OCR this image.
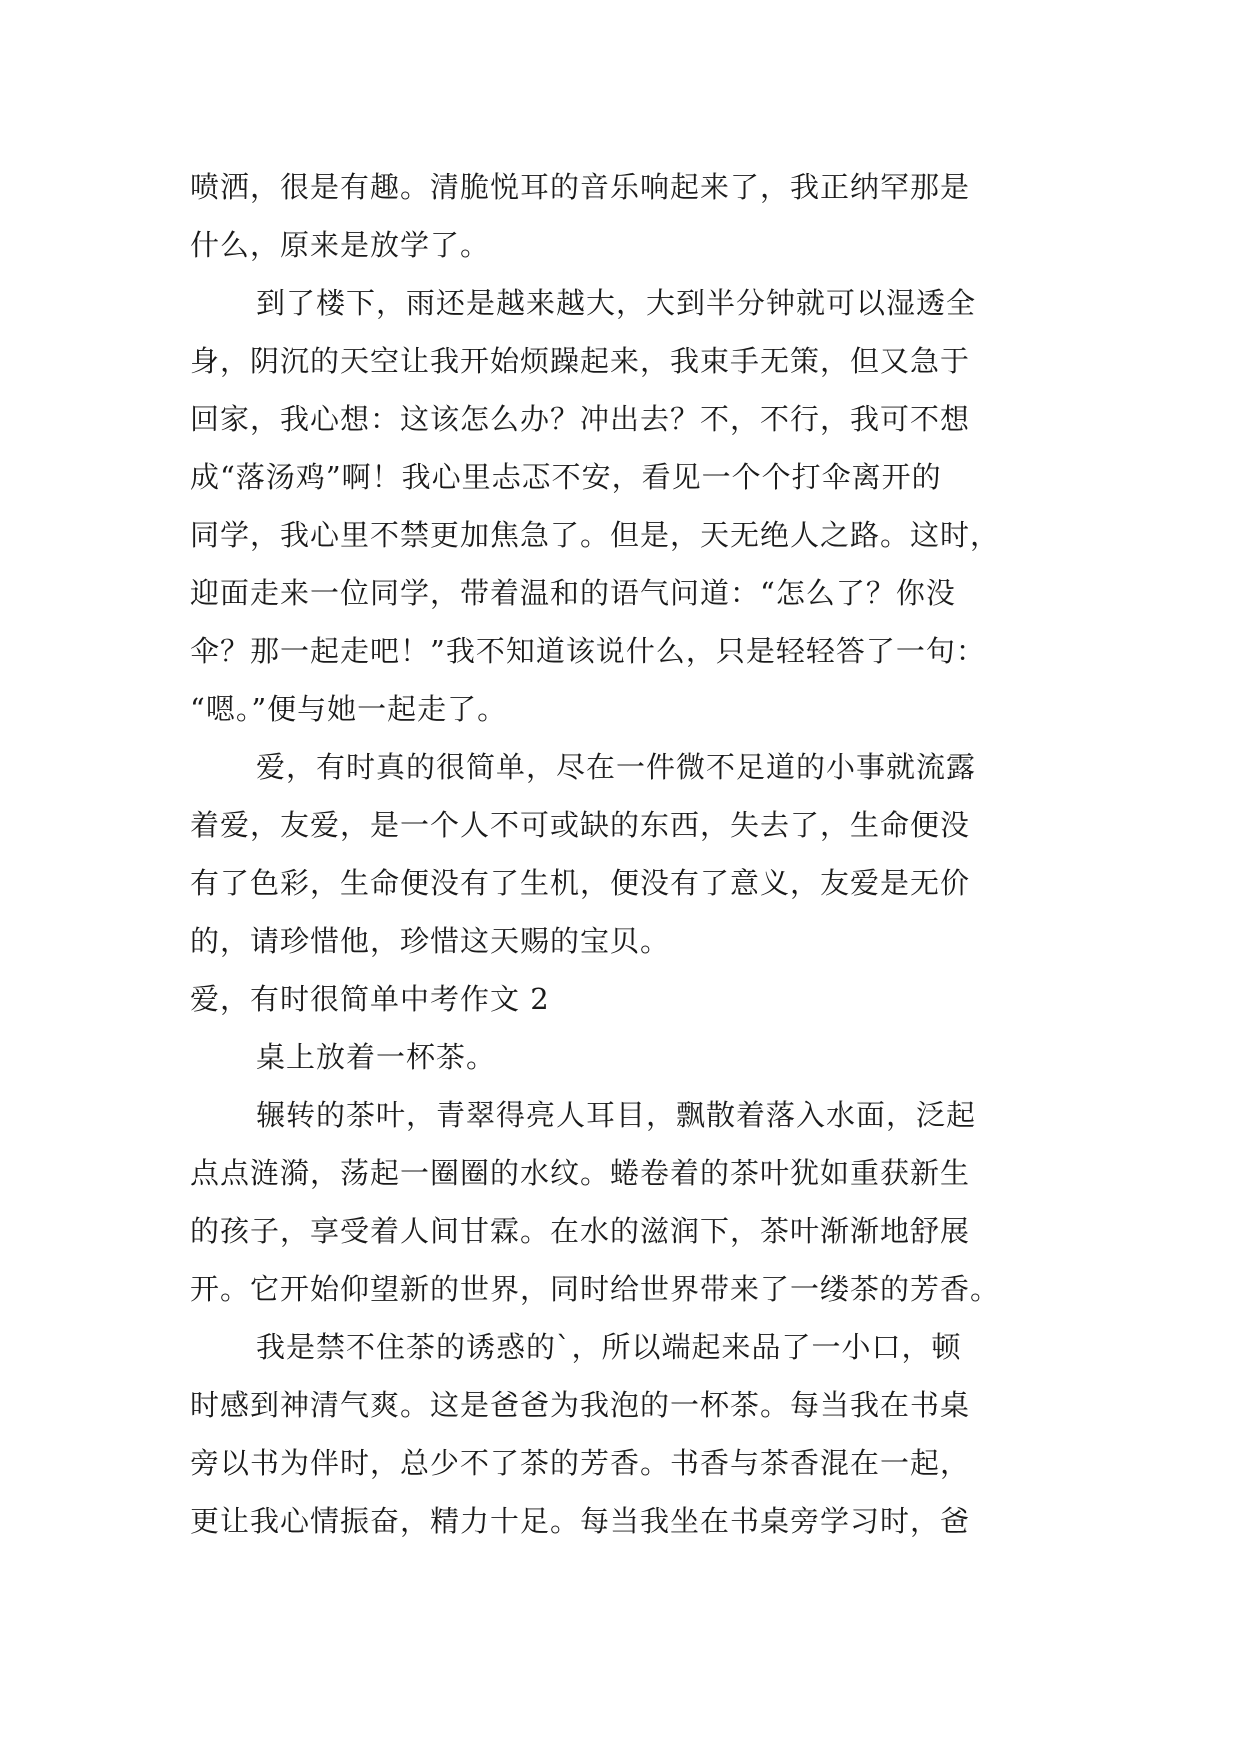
喷洒，很是有趣。清脆悦耳的音乐响起来了，我正纳罕那是
什么，原来是放学了。
到了楼下，雨还是越来越大，大到半分钟就可以湿透全
身，阴沉的天空让我开始烦躁起来，我束手无策，但又急于
回家，我心想：这该怎么办？冲出去？不，不行，我可不想
成“落汤鸡”啊！我心里忐忑不安，看见一个个打伞离开的
同学，我心里不禁更加焦急了。但是，天无绝人之路。这时，
迎面走来一位同学，带着温和的语气问道：“怎么了？你没
伞？那一起走吧！”我不知道该说什么，只是轻轻答了一句：
“嗯。”便与她一起走了。
爱，有时真的很简单，尽在一件微不足道的小事就流露
着爱，友爱，是一个人不可或缺的东西，失去了，生命便没
有了色彩，生命便没有了生机，便没有了意义，友爱是无价
的，请珍惜他，珍惜这天赐的宝贝。
爱，有时很简单中考作文 2
桌上放着一杯茶。
辗转的茶叶，青翠得亮人耳目，飘散着落入水面，泛起
点点涟漪，荡起一圈圈的水纹。蜷卷着的茶叶犹如重获新生
的孩子，享受着人间甘霖。在水的滋润下，茶叶渐渐地舒展
开。它开始仰望新的世界，同时给世界带来了一缕茶的芳香。
我是禁不住茶的诱惑的`，所以端起来品了一小口，顿
时感到神清气爽。这是爸爸为我泡的一杯茶。每当我在书桌
旁以书为伴时，总少不了茶的芳香。书香与茶香混在一起，
更让我心情振奋，精力十足。每当我坐在书桌旁学习时，爸
